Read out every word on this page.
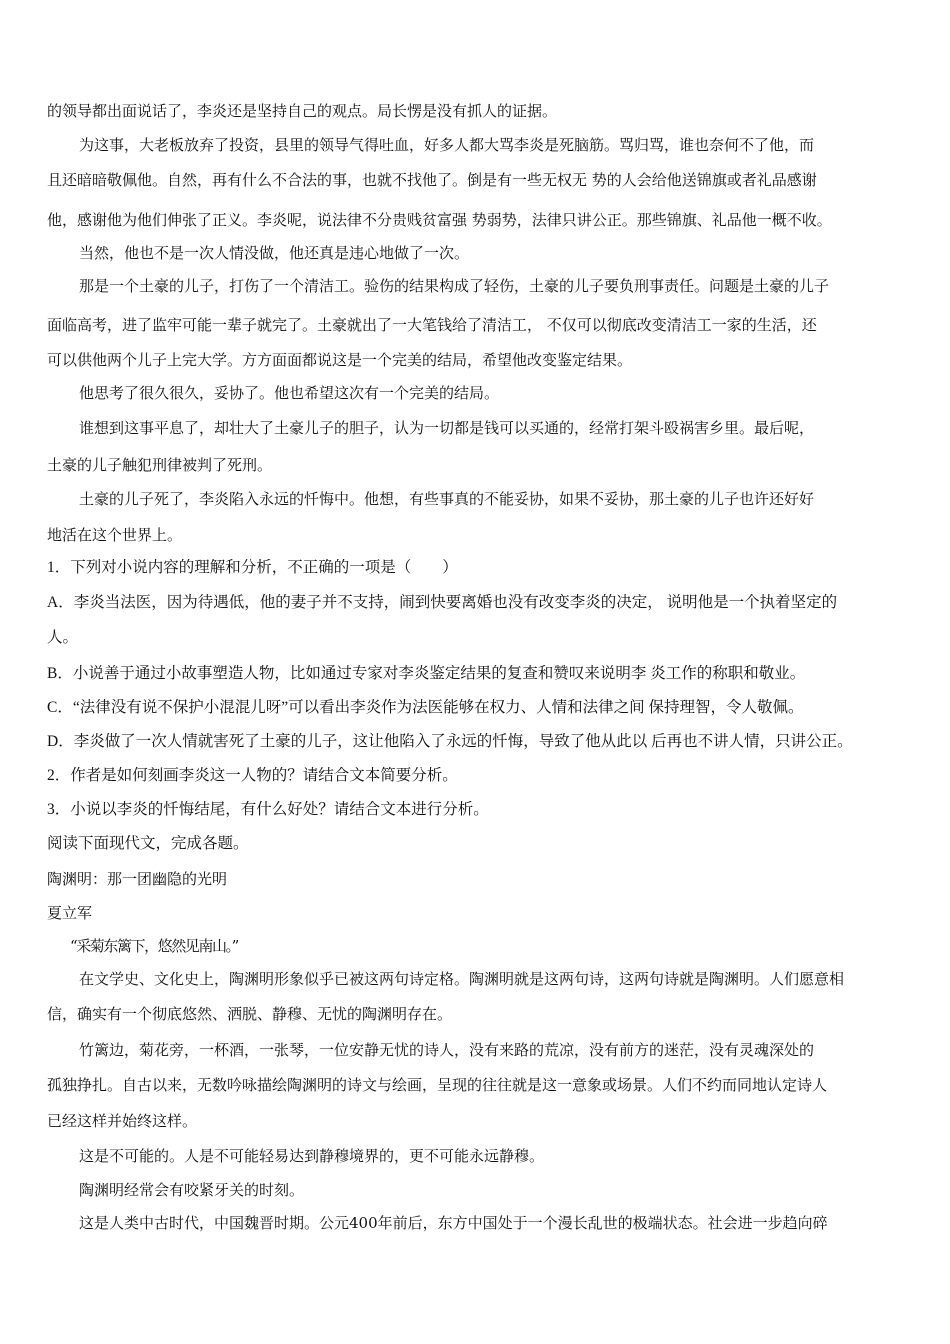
的领导都出面说话了，李炎还是坚持自己的观点。局长愣是没有抓人的证据。
为这事，大老板放弃了投资，县里的领导气得吐血，好多人都大骂李炎是死脑筋。骂归骂，谁也奈何不了他，而
且还暗暗敬佩他。自然，再有什么不合法的事，也就不找他了。倒是有一些无权无 势的人会给他送锦旗或者礼品感谢
他，感谢他为他们伸张了正义。李炎呢，说法律不分贵贱贫富强 势弱势，法律只讲公正。那些锦旗、礼品他一概不收。
当然，他也不是一次人情没做，他还真是违心地做了一次。
那是一个土豪的儿子，打伤了一个清洁工。验伤的结果构成了轻伤，土豪的儿子要负刑事责任。问题是土豪的儿子
面临高考，进了监牢可能一辈子就完了。土豪就出了一大笔钱给了清洁工， 不仅可以彻底改变清洁工一家的生活，还
可以供他两个儿子上完大学。方方面面都说这是一个完美的结局，希望他改变鉴定结果。
他思考了很久很久，妥协了。他也希望这次有一个完美的结局。
谁想到这事平息了，却壮大了土豪儿子的胆子，认为一切都是钱可以买通的，经常打架斗殴祸害乡里。最后呢，
土豪的儿子触犯刑律被判了死刑。
土豪的儿子死了，李炎陷入永远的忏悔中。他想，有些事真的不能妥协，如果不妥协，那土豪的儿子也许还好好
地活在这个世界上。
1．下列对小说内容的理解和分析，不正确的一项是（　　）
A．李炎当法医，因为待遇低，他的妻子并不支持，闹到快要离婚也没有改变李炎的决定， 说明他是一个执着坚定的
人。
B．小说善于通过小故事塑造人物，比如通过专家对李炎鉴定结果的复查和赞叹来说明李 炎工作的称职和敬业。
C．“法律没有说不保护小混混儿呀”可以看出李炎作为法医能够在权力、人情和法律之间 保持理智，令人敬佩。
D．李炎做了一次人情就害死了土豪的儿子，这让他陷入了永远的忏悔，导致了他从此以 后再也不讲人情，只讲公正。
2．作者是如何刻画李炎这一人物的？请结合文本简要分析。
3．小说以李炎的忏悔结尾，有什么好处？请结合文本进行分析。
阅读下面现代文，完成各题。
陶渊明：那一团幽隐的光明
夏立军
“采菊东篱下，悠然见南山。”
在文学史、文化史上，陶渊明形象似乎已被这两句诗定格。陶渊明就是这两句诗，这两句诗就是陶渊明。人们愿意相
信，确实有一个彻底悠然、洒脱、静穆、无忧的陶渊明存在。
竹篱边，菊花旁，一杯酒，一张琴，一位安静无忧的诗人，没有来路的荒凉，没有前方的迷茫，没有灵魂深处的
孤独挣扎。自古以来，无数吟咏描绘陶渊明的诗文与绘画，呈现的往往就是这一意象或场景。人们不约而同地认定诗人
已经这样并始终这样。
这是不可能的。人是不可能轻易达到静穆境界的，更不可能永远静穆。
陶渊明经常会有咬紧牙关的时刻。
这是人类中古时代，中国魏晋时期。公元400年前后，东方中国处于一个漫长乱世的极端状态。社会进一步趋向碎
